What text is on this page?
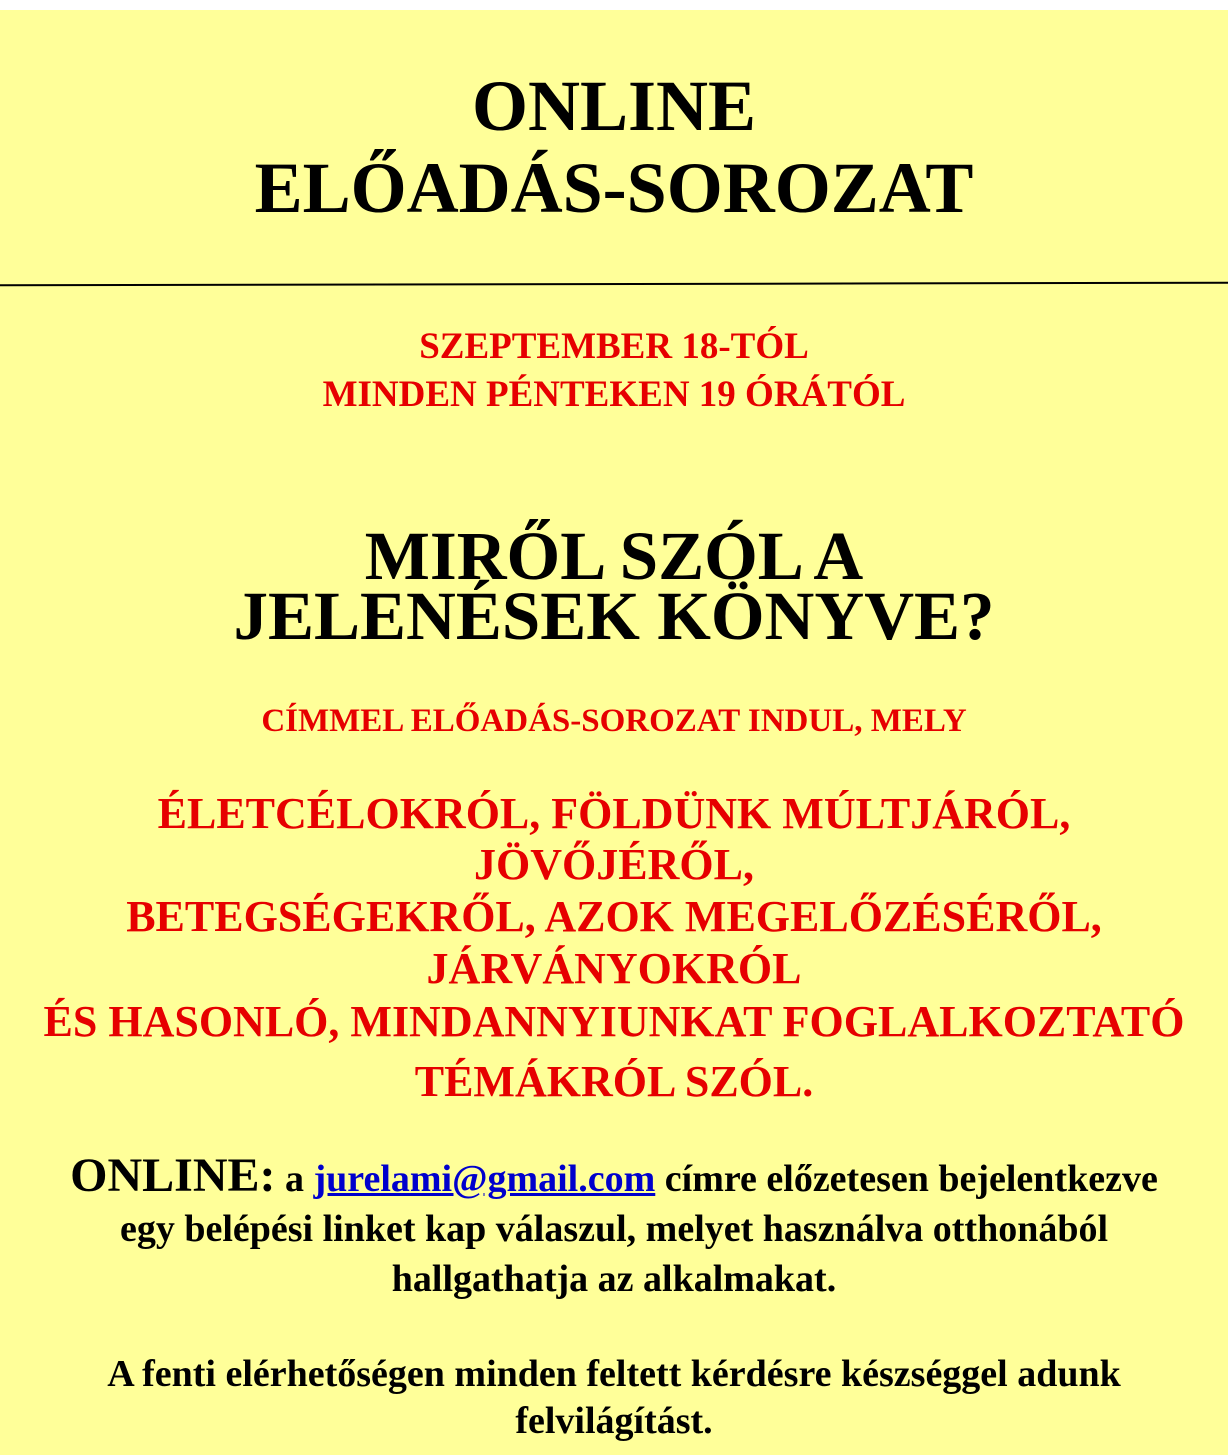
ONLINE
ELŐADÁS-SOROZAT
SZEPTEMBER 18-TÓL
MINDEN PÉNTEKEN 19 ÓRÁTÓL
MIRŐL SZÓL A
JELENÉSEK KÖNYVE?
CÍMMEL ELŐADÁS-SOROZAT INDUL, MELY
ÉLETCÉLOKRÓL, FÖLDÜNK MÚLTJÁRÓL,
JÖVŐJÉRŐL,
BETEGSÉGEKRŐL, AZOK MEGELŐZÉSÉRŐL,
JÁRVÁNYOKRÓL
ÉS HASONLÓ, MINDANNYIUNKAT FOGLALKOZTATÓ
TÉMÁKRÓL SZÓL.
ONLINE: a jurelami@gmail.com címre előzetesen bejelentkezve
egy belépési linket kap válaszul, melyet használva otthonából
hallgathatja az alkalmakat.
A fenti elérhetőségen minden feltett kérdésre készséggel adunk
felvilágítást.
